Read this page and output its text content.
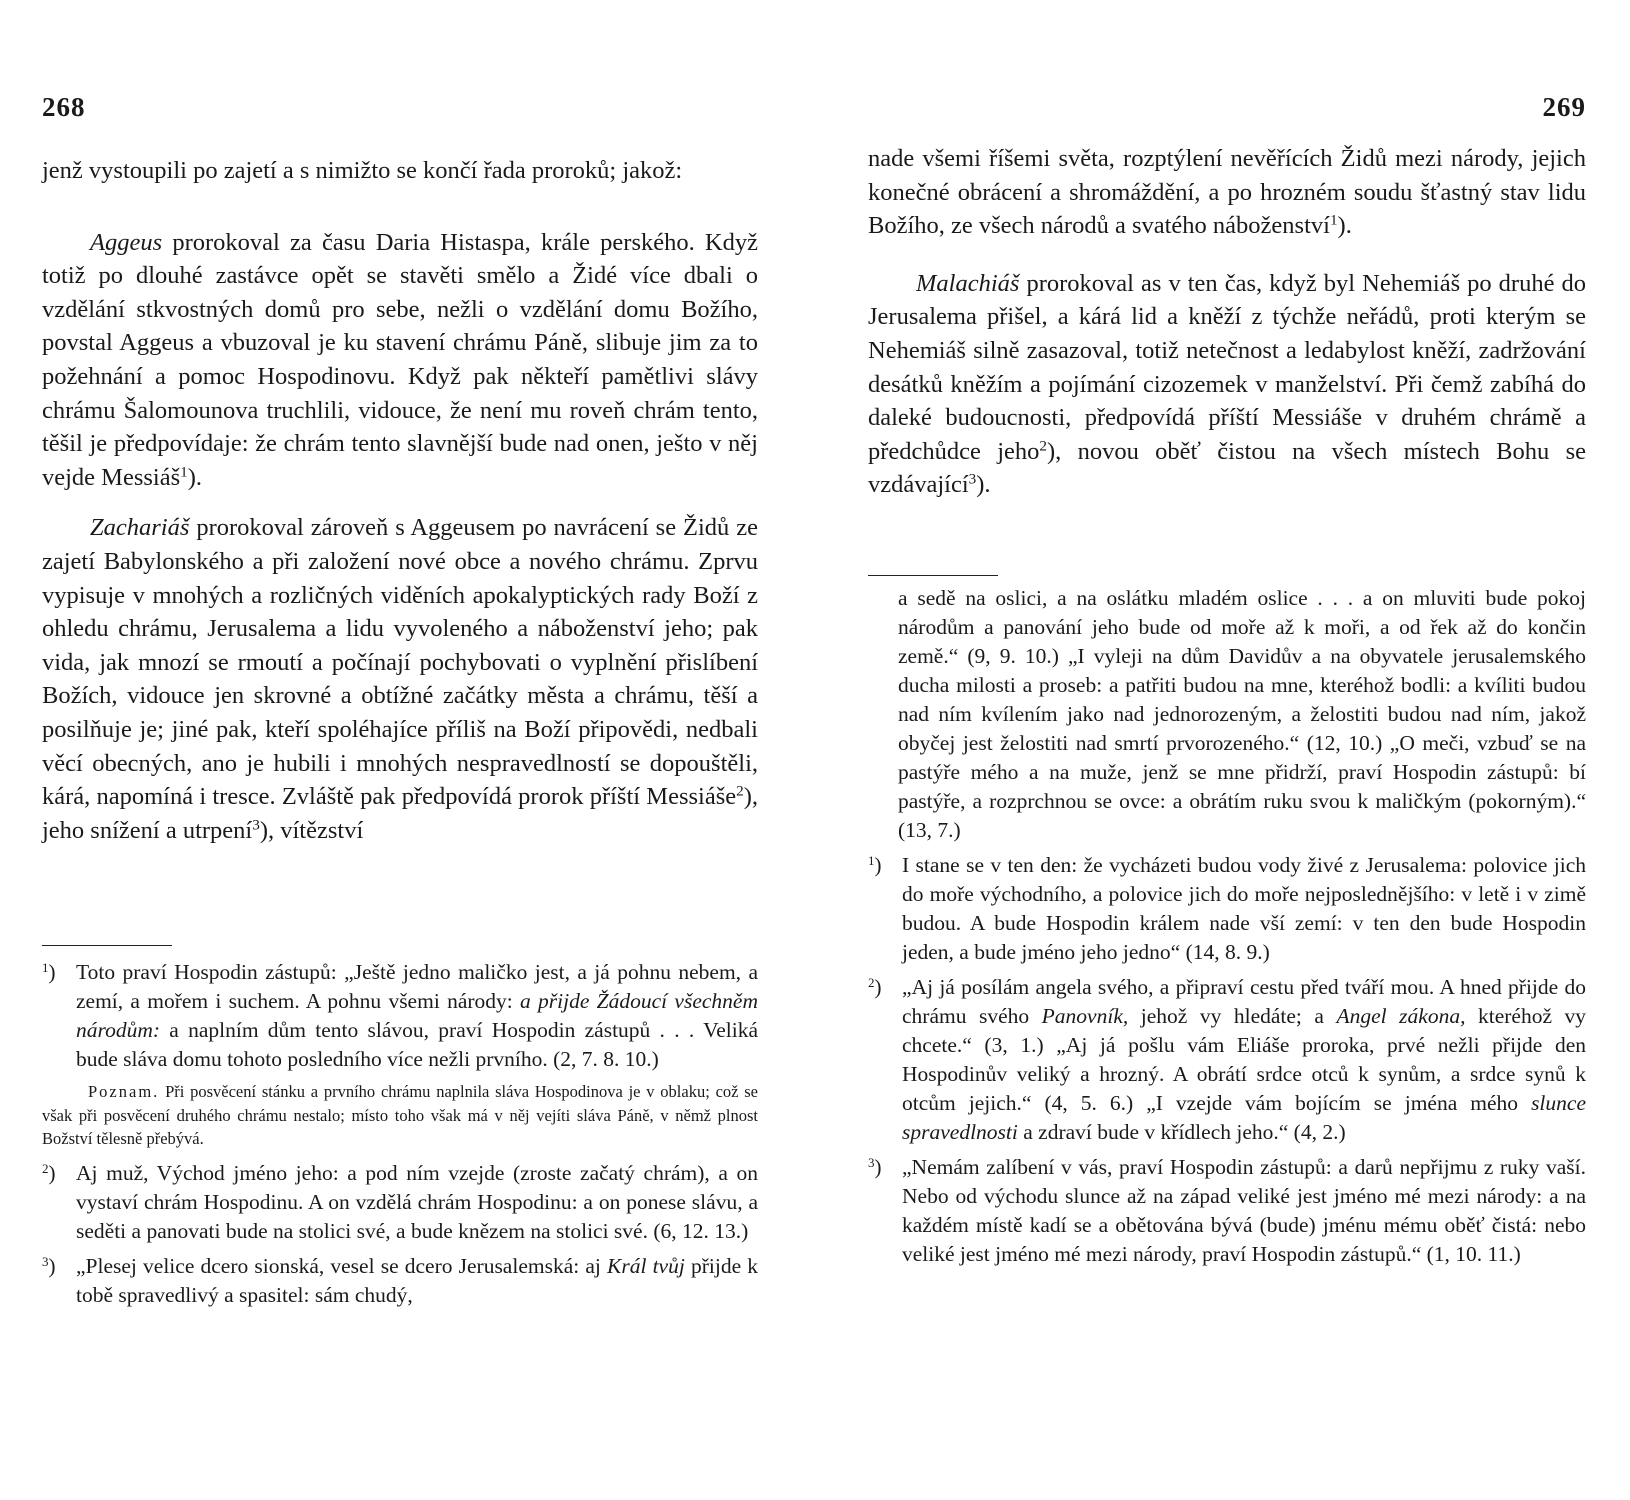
268

jenž vystoupili po zajetí a s nimižto se končí řada proroků; jakož:

Aggeus prorokoval za času Daria Histaspa, krále perského. Když totiž po dlouhé zastávce opět se stavěti smělo a Židé více dbali o vzdělání stkvostných domů pro sebe, nežli o vzdělání domu Božího, povstal Aggeus a vbuzoval je ku stavení chrámu Páně, slibuje jim za to požehnání a pomoc Hospodinovu. Když pak někteří pamětlivi slávy chrámu Šalomounova truchlili, vidouce, že není mu roveň chrám tento, těšil je předpovídaje: že chrám tento slavnější bude nad onen, ješto v něj vejde Messiáš$^1$).

Zachariáš prorokoval zároveň s Aggeusem po navrácení se Židů ze zajetí Babylonského a při založení nové obce a nového chrámu. Zprvu vypisuje v mnohých a rozličných viděních apokalyptických rady Boží z ohledu chrámu, Jerusalema a lidu vyvoleného a náboženství jeho; pak vida, jak mnozí se rmoutí a počínají pochybovati o vyplnění přislíbení Božích, vidouce jen skrovné a obtížné začátky města a chrámu, těší a posilňuje je; jiné pak, kteří spoléhajíce příliš na Boží připovědi, nedbali věcí obecných, ano je hubili i mnohých nespravedlností se dopouštěli, kárá, napomíná i tresce. Zvláště pak předpovídá prorok příští Messiáše$^2$), jeho snížení a utrpení$^3$), vítězství

$^1$) Toto praví Hospodin zástupů: „Ještě jedno maličko jest, a já pohnu nebem, a zemí, a mořem i suchem. A pohnu všemi národy: a přijde Žádoucí všechněm národům: a naplním dům tento slávou, praví Hospodin zástupů . . . Veliká bude sláva domu tohoto posledního více nežli prvního. (2, 7. 8. 10.)

Poznam. Při posvěcení stánku a prvního chrámu naplnila sláva Hospodinova je v oblaku; což se však při posvěcení druhého chrámu nestalo; místo toho však má v něj vejíti sláva Páně, v němž plnost Božství tělesně přebývá.

$^2$) Aj muž, Východ jméno jeho: a pod ním vzejde (zroste začatý chrám), a on vystaví chrám Hospodinu. A on vzdělá chrám Hospodinu: a on ponese slávu, a seděti a panovati bude na stolici své, a bude knězem na stolici své. (6, 12. 13.)

$^3$) „Plesej velice dcero sionská, vesel se dcero Jerusalemská: aj Král tvůj přijde k tobě spravedlivý a spasitel: sám chudý,

269

nade všemi říšemi světa, rozptýlení nevěřících Židů mezi národy, jejich konečné obrácení a shromáždění, a po hrozném soudu šťastný stav lidu Božího, ze všech národů a svatého náboženství$^1$).

Malachiáš prorokoval as v ten čas, když byl Nehemiáš po druhé do Jerusalema přišel, a kárá lid a kněží z týchže neřádů, proti kterým se Nehemiáš silně zasazoval, totiž netečnost a ledabylost kněží, zadržování desátků kněžím a pojímání cizozemek v manželství. Při čemž zabíhá do daleké budoucnosti, předpovídá příští Messiáše v druhém chrámě a předchůdce jeho$^2$), novou oběť čistou na všech místech Bohu se vzdávající$^3$).

a sedě na oslici, a na oslátku mladém oslice . . . a on mluviti bude pokoj národům a panování jeho bude od moře až k moři, a od řek až do končin země.“ (9, 9. 10.) „I vyleji na dům Davidův a na obyvatele jerusalemského ducha milosti a proseb: a patřiti budou na mne, kteréhož bodli: a kvíliti budou nad ním kvílením jako nad jednorozeným, a želostiti budou nad ním, jakož obyčej jest želostiti nad smrtí prvorozeného.“ (12, 10.) „O meči, vzbuď se na pastýře mého a na muže, jenž se mne přidrží, praví Hospodin zástupů: bí pastýře, a rozprchnou se ovce: a obrátím ruku svou k maličkým (pokorným).“ (13, 7.)

$^1$) I stane se v ten den: že vycházeti budou vody živé z Jerusalema: polovice jich do moře východního, a polovice jich do moře nejposlednějšího: v letě i v zimě budou. A bude Hospodin králem nade vší zemí: v ten den bude Hospodin jeden, a bude jméno jeho jedno“ (14, 8. 9.)

$^2$) „Aj já posílám angela svého, a připraví cestu před tváří mou. A hned přijde do chrámu svého Panovník, jehož vy hledáte; a Angel zákona, kteréhož vy chcete.“ (3, 1.) „Aj já pošlu vám Eliáše proroka, prvé nežli přijde den Hospodinův veliký a hrozný. A obrátí srdce otců k synům, a srdce synů k otcům jejich.“ (4, 5. 6.) „I vzejde vám bojícím se jména mého slunce spravedlnosti a zdraví bude v křídlech jeho.“ (4, 2.)

$^3$) „Nemám zalíbení v vás, praví Hospodin zástupů: a darů nepřijmu z ruky vaší. Nebo od východu slunce až na západ veliké jest jméno mé mezi národy: a na každém místě kadí se a obětována bývá (bude) jménu mému oběť čistá: nebo veliké jest jméno mé mezi národy, praví Hospodin zástupů.“ (1, 10. 11.)
